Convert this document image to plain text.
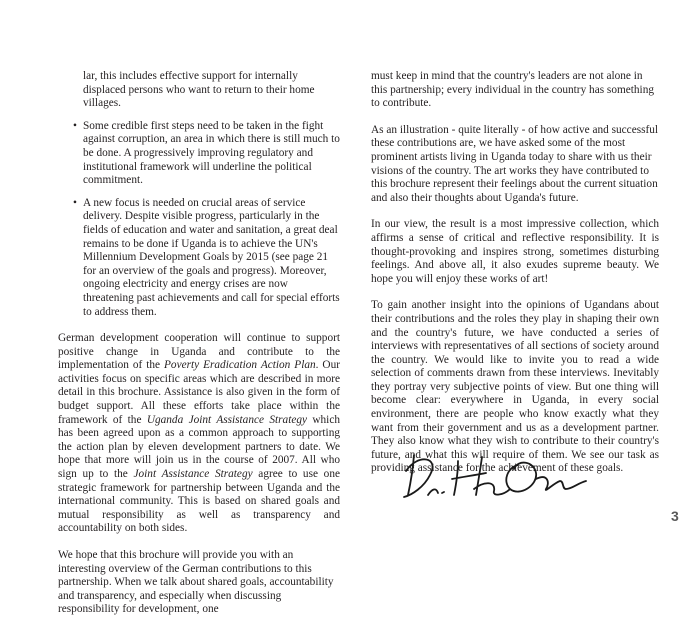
lar, this includes effective support for internally displaced persons who want to return to their home villages.

• Some credible first steps need to be taken in the fight against corruption, an area in which there is still much to be done. A progressively improving regulatory and institutional framework will underline the political commitment.
• A new focus is needed on crucial areas of service delivery. Despite visible progress, particularly in the fields of education and water and sanitation, a great deal remains to be done if Uganda is to achieve the UN's Millennium Development Goals by 2015 (see page 21 for an overview of the goals and progress). Moreover, ongoing electricity and energy crises are now threatening past achievements and call for special efforts to address them.

German development cooperation will continue to support positive change in Uganda and contribute to the implementation of the Poverty Eradication Action Plan. Our activities focus on specific areas which are described in more detail in this brochure. Assistance is also given in the form of budget support. All these efforts take place within the framework of the Uganda Joint Assistance Strategy which has been agreed upon as a common approach to supporting the action plan by eleven development partners to date. We hope that more will join us in the course of 2007. All who sign up to the Joint Assistance Strategy agree to use one strategic framework for partnership between Uganda and the international community. This is based on shared goals and mutual responsibility as well as transparency and accountability on both sides.

We hope that this brochure will provide you with an interesting overview of the German contributions to this partnership. When we talk about shared goals, accountability and transparency, and especially when discussing responsibility for development, one

must keep in mind that the country's leaders are not alone in this partnership; every individual in the country has something to contribute.

As an illustration - quite literally - of how active and successful these contributions are, we have asked some of the most prominent artists living in Uganda today to share with us their visions of the country. The art works they have contributed to this brochure represent their feelings about the current situation and also their thoughts about Uganda's future.

In our view, the result is a most impressive collection, which affirms a sense of critical and reflective responsibility. It is thought-provoking and inspires strong, sometimes disturbing feelings. And above all, it also exudes supreme beauty. We hope you will enjoy these works of art!

To gain another insight into the opinions of Ugandans about their contributions and the roles they play in shaping their own and the country's future, we have conducted a series of interviews with representatives of all sections of society around the country. We would like to invite you to read a wide selection of comments drawn from these interviews. Inevitably they portray very subjective points of view. But one thing will become clear: everywhere in Uganda, in every social environment, there are people who know exactly what they want from their government and us as a development partner. They also know what they wish to contribute to their country's future, and what this will require of them. We see our task as providing assistance for the achievement of these goals.

3
